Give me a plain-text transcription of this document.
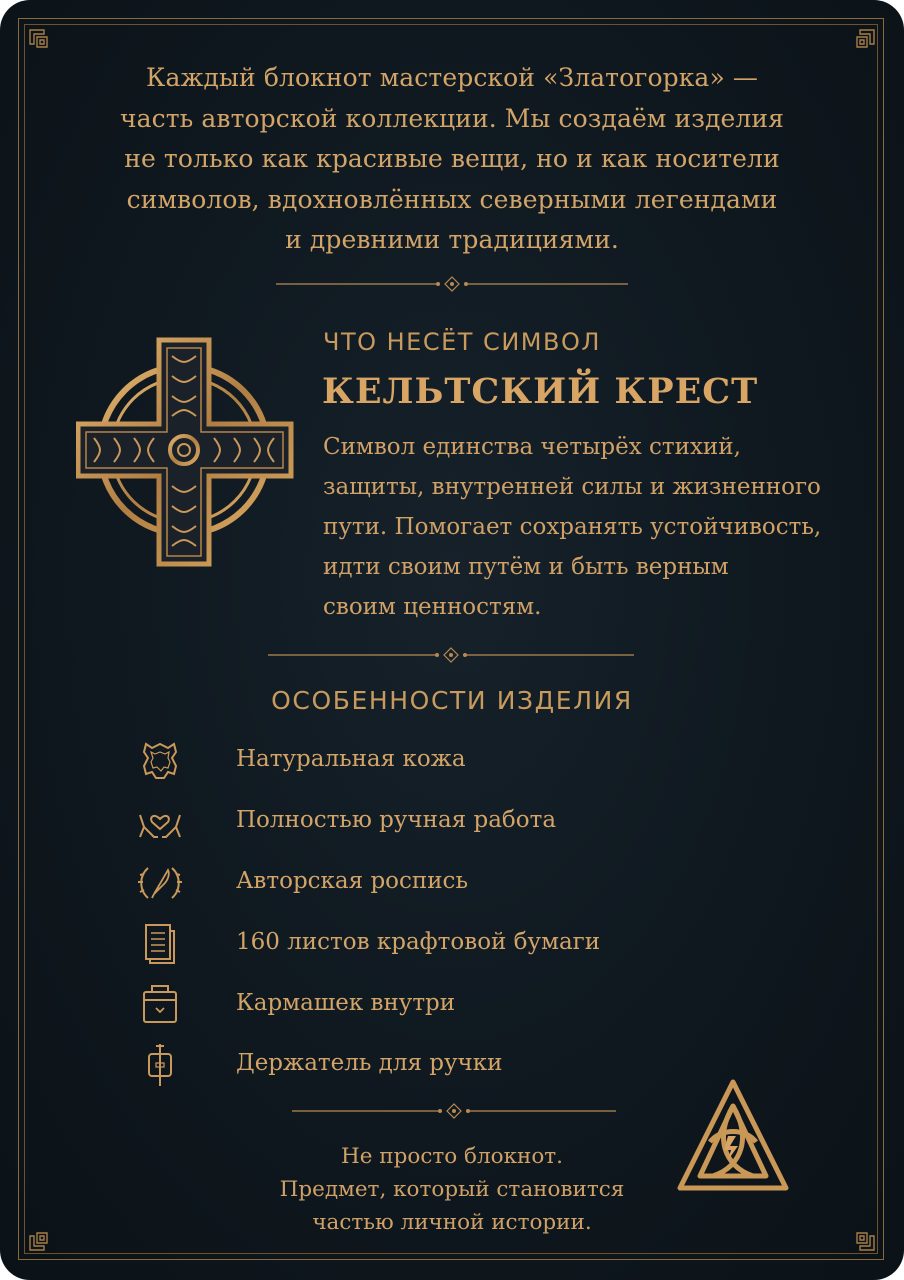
Каждый блокнот мастерской «Златогорка» —
часть авторской коллекции. Мы создаём изделия
не только как красивые вещи, но и как носители
символов, вдохновлённых северными легендами
и древними традициями.
ЧТО НЕСЁТ СИМВОЛ
КЕЛЬТСКИЙ КРЕСТ
Символ единства четырёх стихий,
защиты, внутренней силы и жизненного
пути. Помогает сохранять устойчивость,
идти своим путём и быть верным
своим ценностям.
ОСОБЕННОСТИ ИЗДЕЛИЯ
Натуральная кожа
Полностью ручная работа
Авторская роспись
160 листов крафтовой бумаги
Кармашек внутри
Держатель для ручки
Не просто блокнот.
Предмет, который становится
частью личной истории.
